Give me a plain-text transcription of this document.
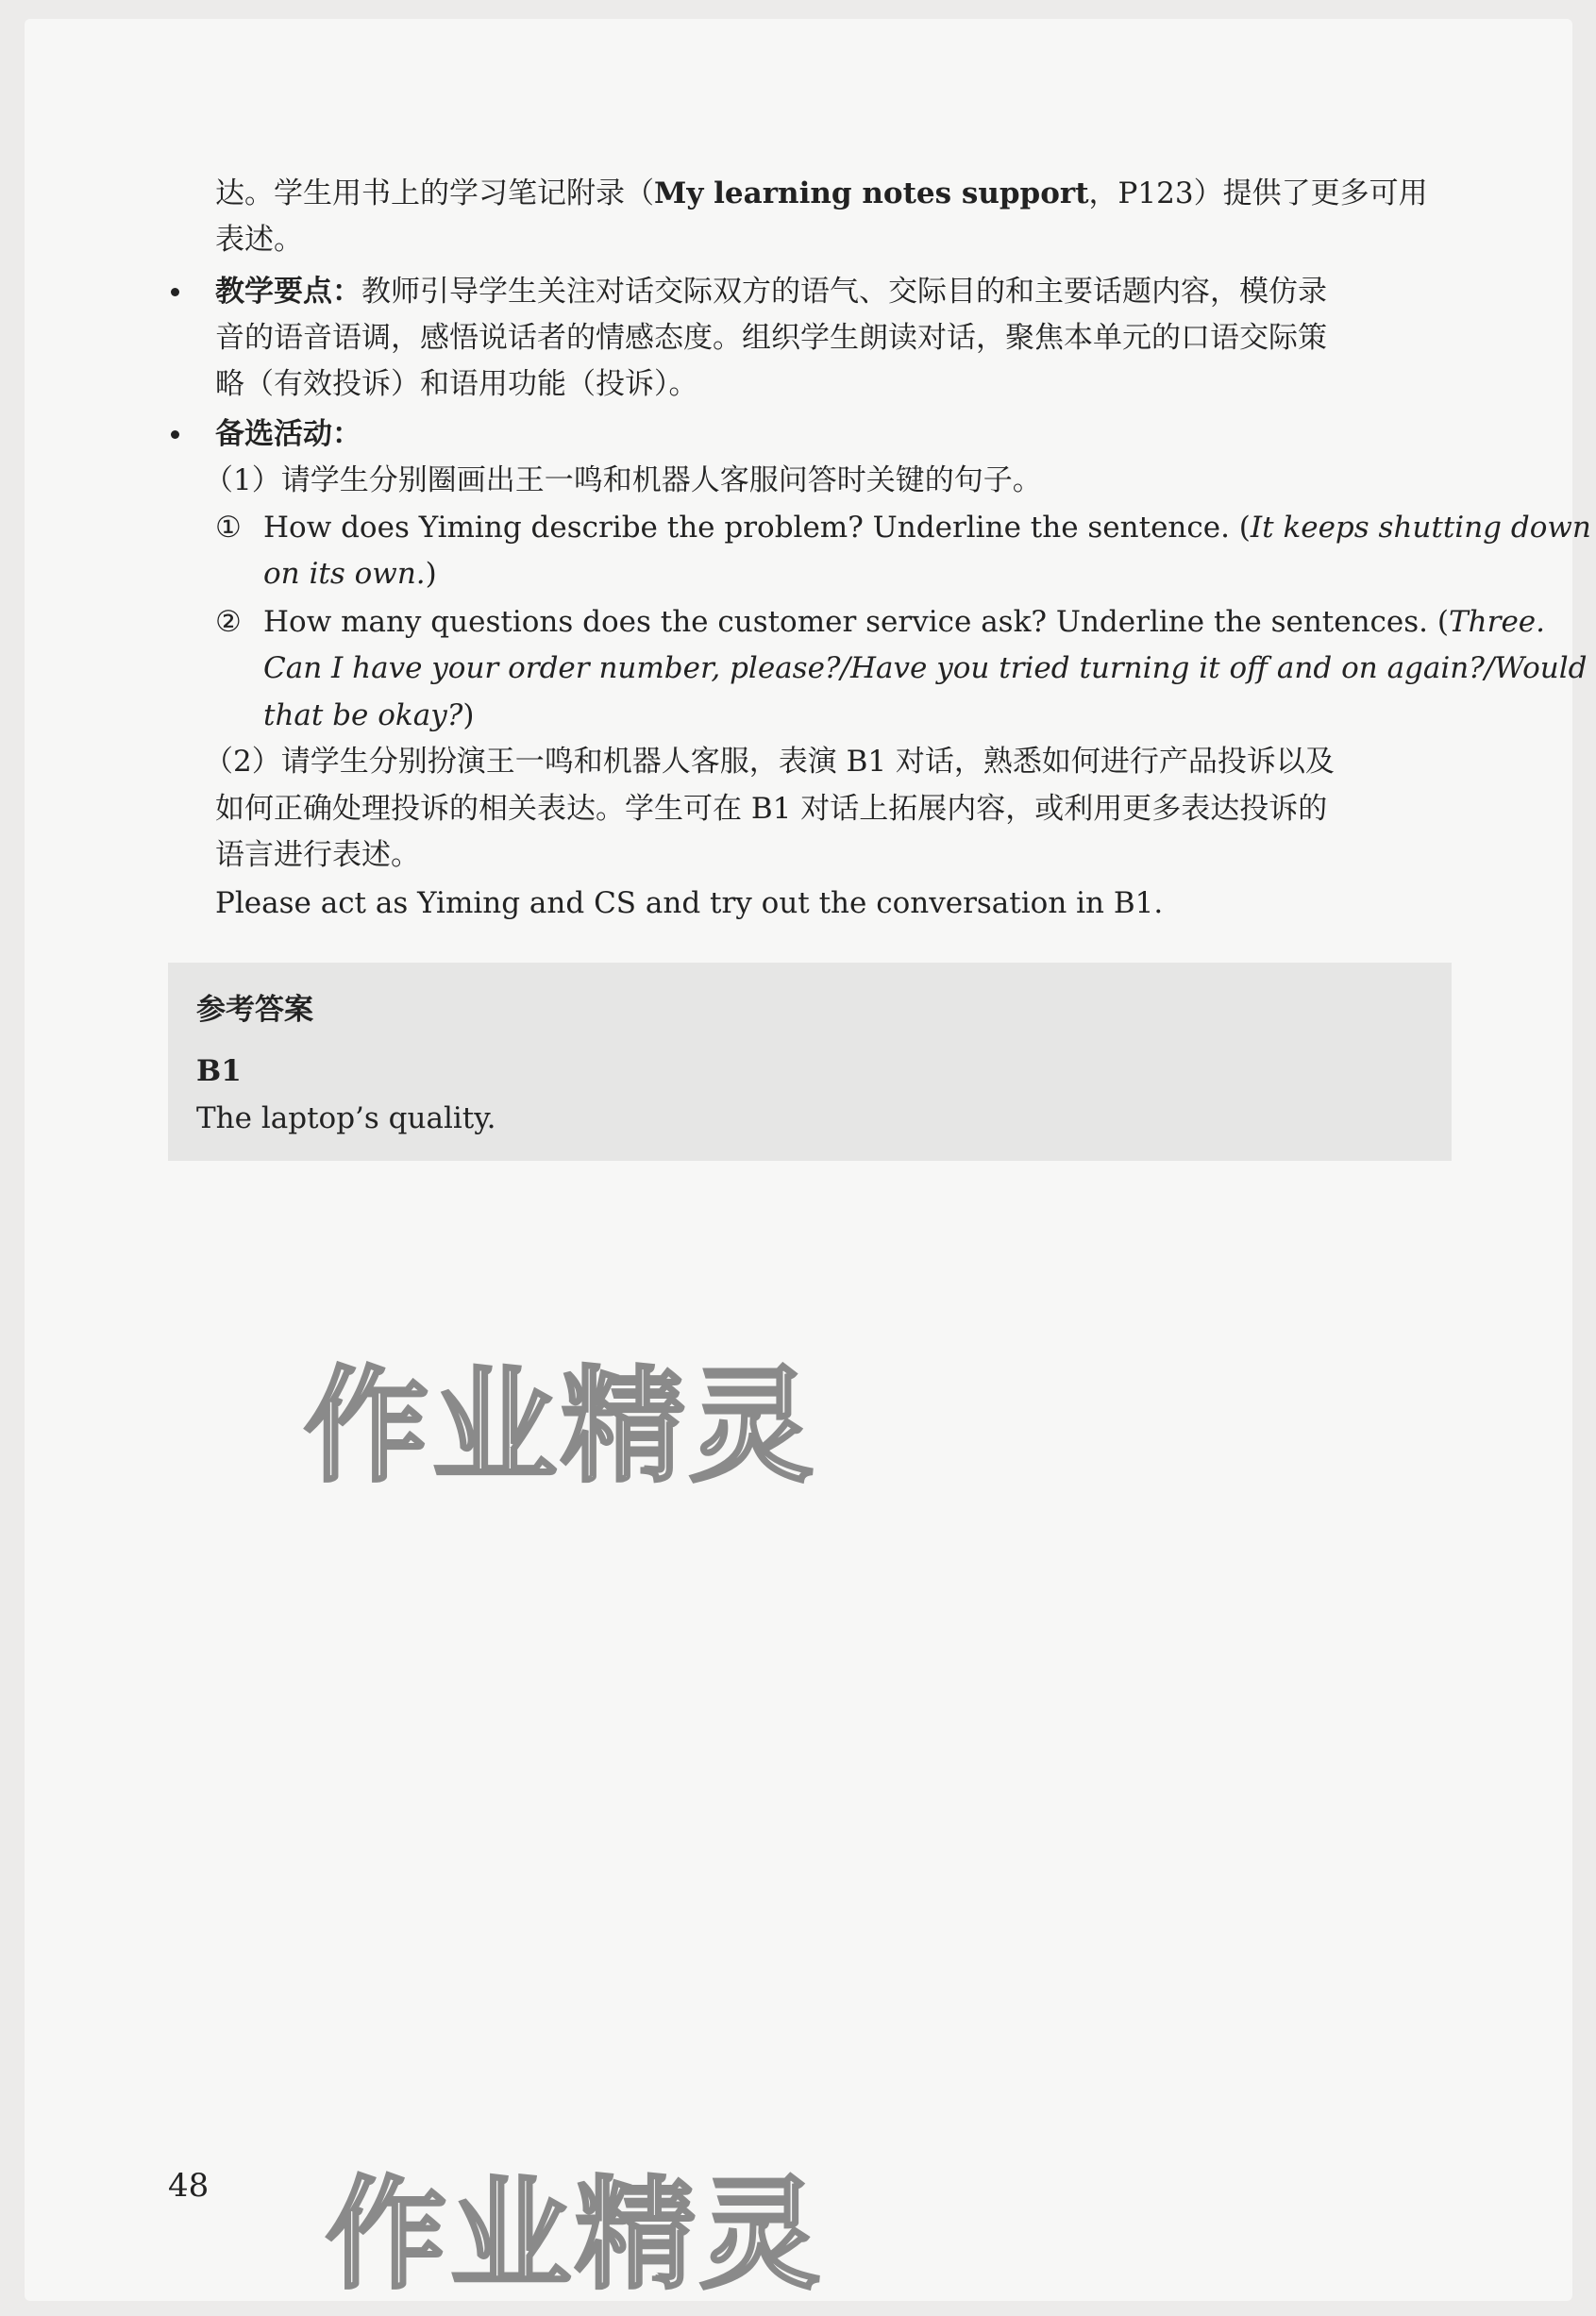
达。学生用书上的学习笔记附录（My learning notes support，P123）提供了更多可用
表述。
教学要点：教师引导学生关注对话交际双方的语气、交际目的和主要话题内容，模仿录
音的语音语调，感悟说话者的情感态度。组织学生朗读对话，聚焦本单元的口语交际策
略（有效投诉）和语用功能（投诉）。
备选活动：
（1）请学生分别圈画出王一鸣和机器人客服问答时关键的句子。
① How does Yiming describe the problem? Underline the sentence. (It keeps shutting down
on its own.)
② How many questions does the customer service ask? Underline the sentences. (Three.
Can I have your order number, please?/Have you tried turning it off and on again?/Would
that be okay?)
（2）请学生分别扮演王一鸣和机器人客服，表演 B1 对话，熟悉如何进行产品投诉以及
如何正确处理投诉的相关表达。学生可在 B1 对话上拓展内容，或利用更多表达投诉的
语言进行表述。
Please act as Yiming and CS and try out the conversation in B1.
参考答案
B1
The laptop’s quality.
作业精灵
作业精灵
48
